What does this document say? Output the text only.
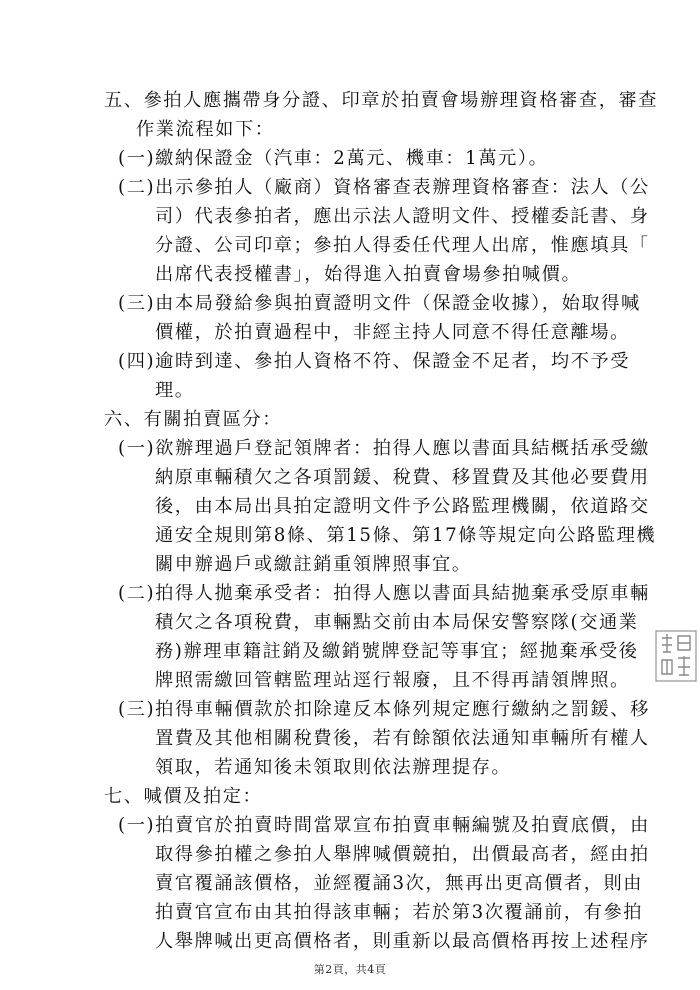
五、參拍人應攜帶身分證、印章於拍賣會場辦理資格審查，審查
作業流程如下：
(一)繳納保證金（汽車：2萬元、機車：1萬元）。
(二)出示參拍人（廠商）資格審查表辦理資格審查：法人（公
司）代表參拍者，應出示法人證明文件、授權委託書、身
分證、公司印章；參拍人得委任代理人出席，惟應填具「
出席代表授權書」，始得進入拍賣會場參拍喊價。
(三)由本局發給參與拍賣證明文件（保證金收據），始取得喊
價權，於拍賣過程中，非經主持人同意不得任意離場。
(四)逾時到達、參拍人資格不符、保證金不足者，均不予受
理。
六、有關拍賣區分：
(一)欲辦理過戶登記領牌者：拍得人應以書面具結概括承受繳
納原車輛積欠之各項罰鍰、稅費、移置費及其他必要費用
後，由本局出具拍定證明文件予公路監理機關，依道路交
通安全規則第8條、第15條、第17條等規定向公路監理機
關申辦過戶或繳註銷重領牌照事宜。
(二)拍得人拋棄承受者：拍得人應以書面具結拋棄承受原車輛
積欠之各項稅費，車輛點交前由本局保安警察隊(交通業
務)辦理車籍註銷及繳銷號牌登記等事宜；經拋棄承受後
牌照需繳回管轄監理站逕行報廢，且不得再請領牌照。
(三)拍得車輛價款於扣除違反本條列規定應行繳納之罰鍰、移
置費及其他相關稅費後，若有餘額依法通知車輛所有權人
領取，若通知後未領取則依法辦理提存。
七、喊價及拍定：
(一)拍賣官於拍賣時間當眾宣布拍賣車輛編號及拍賣底價，由
取得參拍權之參拍人舉牌喊價競拍，出價最高者，經由拍
賣官覆誦該價格，並經覆誦3次，無再出更高價者，則由
拍賣官宣布由其拍得該車輛；若於第3次覆誦前，有參拍
人舉牌喊出更高價格者，則重新以最高價格再按上述程序
第2頁，共4頁
